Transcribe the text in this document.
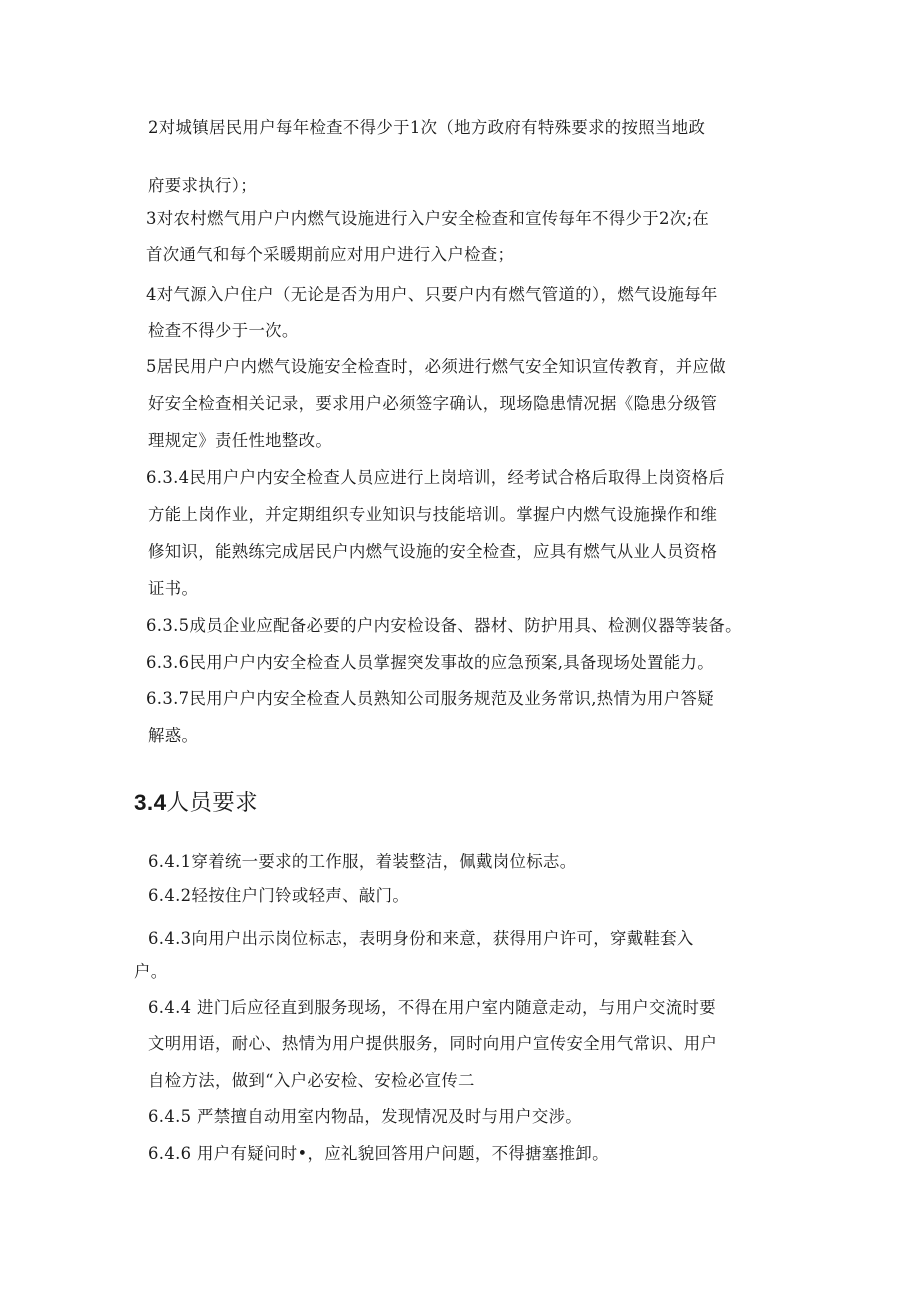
2对城镇居民用户每年检查不得少于1次（地方政府有特殊要求的按照当地政

府要求执行）；

3对农村燃气用户户内燃气设施进行入户安全检查和宣传每年不得少于2次;在

首次通气和每个采暖期前应对用户进行入户检查；

4对气源入户住户（无论是否为用户、只要户内有燃气管道的），燃气设施每年

检查不得少于一次。

5居民用户户内燃气设施安全检查时，必须进行燃气安全知识宣传教育，并应做

好安全检查相关记录，要求用户必须签字确认，现场隐患情况据《隐患分级管

理规定》责任性地整改。

6.3.4民用户户内安全检查人员应进行上岗培训，经考试合格后取得上岗资格后

方能上岗作业，并定期组织专业知识与技能培训。掌握户内燃气设施操作和维

修知识，能熟练完成居民户内燃气设施的安全检查，应具有燃气从业人员资格

证书。

6.3.5成员企业应配备必要的户内安检设备、器材、防护用具、检测仪器等装备。

6.3.6民用户户内安全检查人员掌握突发事故的应急预案,具备现场处置能力。

6.3.7民用户户内安全检查人员熟知公司服务规范及业务常识,热情为用户答疑

解惑。

3.4人员要求

6.4.1穿着统一要求的工作服，着装整洁，佩戴岗位标志。

6.4.2轻按住户门铃或轻声、敲门。

6.4.3向用户出示岗位标志，表明身份和来意，获得用户许可，穿戴鞋套入

户。

6.4.4 进门后应径直到服务现场，不得在用户室内随意走动，与用户交流时要

文明用语，耐心、热情为用户提供服务，同时向用户宣传安全用气常识、用户

自检方法，做到“入户必安检、安检必宣传二

6.4.5 严禁擅自动用室内物品，发现情况及时与用户交涉。

6.4.6 用户有疑问时•，应礼貌回答用户问题，不得搪塞推卸。
